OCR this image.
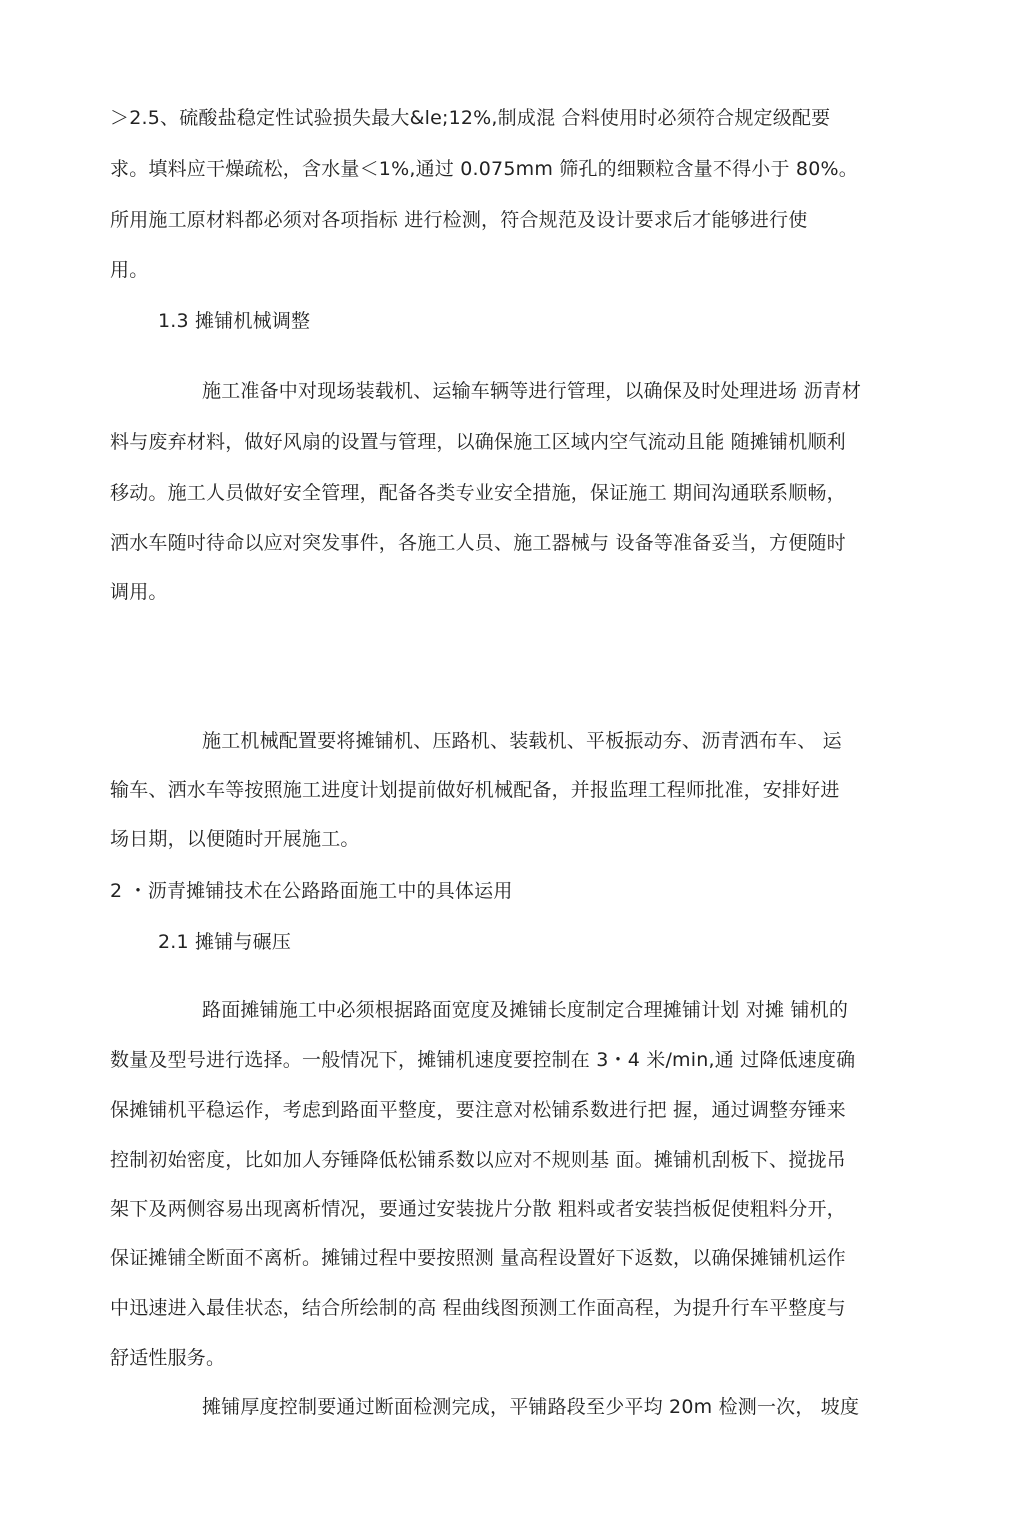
＞2.5、硫酸盐稳定性试验损失最大&le;12%,制成混 合料使用时必须符合规定级配要
求。填料应干燥疏松，含水量＜1%,通过 0.075mm 筛孔的细颗粒含量不得小于 80%。
所用施工原材料都必须对各项指标 进行检测，符合规范及设计要求后才能够进行使
用。
1.3 摊铺机械调整
施工准备中对现场装载机、运输车辆等进行管理，以确保及时处理进场 沥青材
料与废弃材料，做好风扇的设置与管理，以确保施工区域内空气流动且能 随摊铺机顺利
移动。施工人员做好安全管理，配备各类专业安全措施，保证施工 期间沟通联系顺畅，
洒水车随吋待命以应对突发事件，各施工人员、施工器械与 设备等准备妥当，方便随时
调用。
施工机械配置要将摊铺机、压路机、装载机、平板振动夯、沥青洒布车、 运
输车、洒水车等按照施工进度计划提前做好机械配备，并报监理工程师批准，安排好进
场日期，以便随时开展施工。
2 ・沥青摊铺技术在公路路面施工中的具体运用
2.1 摊铺与碾压
路面摊铺施工中必须根据路面宽度及摊铺长度制定合理摊铺计划 对摊 铺机的
数量及型号进行选择。一般情况下，摊铺机速度要控制在 3・4 米/min,通 过降低速度确
保摊铺机平稳运作，考虑到路面平整度，要注意对松铺系数进行把 握，通过调整夯锤来
控制初始密度，比如加人夯锤降低松铺系数以应对不规则基 面。摊铺机刮板下、搅拢吊
架下及两侧容易出现离析情况，要通过安装拢片分散 粗料或者安装挡板促使粗料分开，
保证摊铺全断面不离析。摊铺过程中要按照测 量高程设置好下返数，以确保摊铺机运作
中迅速进入最佳状态，结合所绘制的高 程曲线图预测工作面高程，为提升行车平整度与
舒适性服务。
摊铺厚度控制要通过断面检测完成，平铺路段至少平均 20m 检测一次， 坡度
